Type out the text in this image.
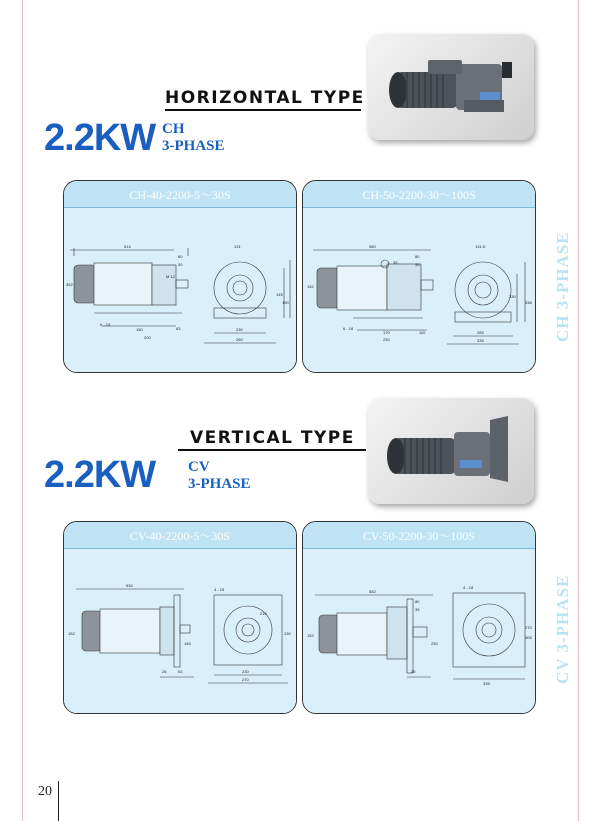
HORIZONTAL TYPE
2.2KW CH
3-PHASE
CH-40-2200-5～30S
514
60
30
131
150
200
63	230
260
6 - 15
352
M 12
145
190
CH-50-2200-30～100S
580
80
35
35
170
230
110	265
335
6 - 18
152
338
230
131.5	CH 3-PHASE
VERTICAL TYPE
2.2KW CV
3-PHASE
CV-40-2200-5～30S
534
4 - 15
145
210
26	63	230
270
230
152
CV-50-2200-30～100S
582
4 - 18
80
35
25
270
335
305
152
230	CV 3-PHASE
20
